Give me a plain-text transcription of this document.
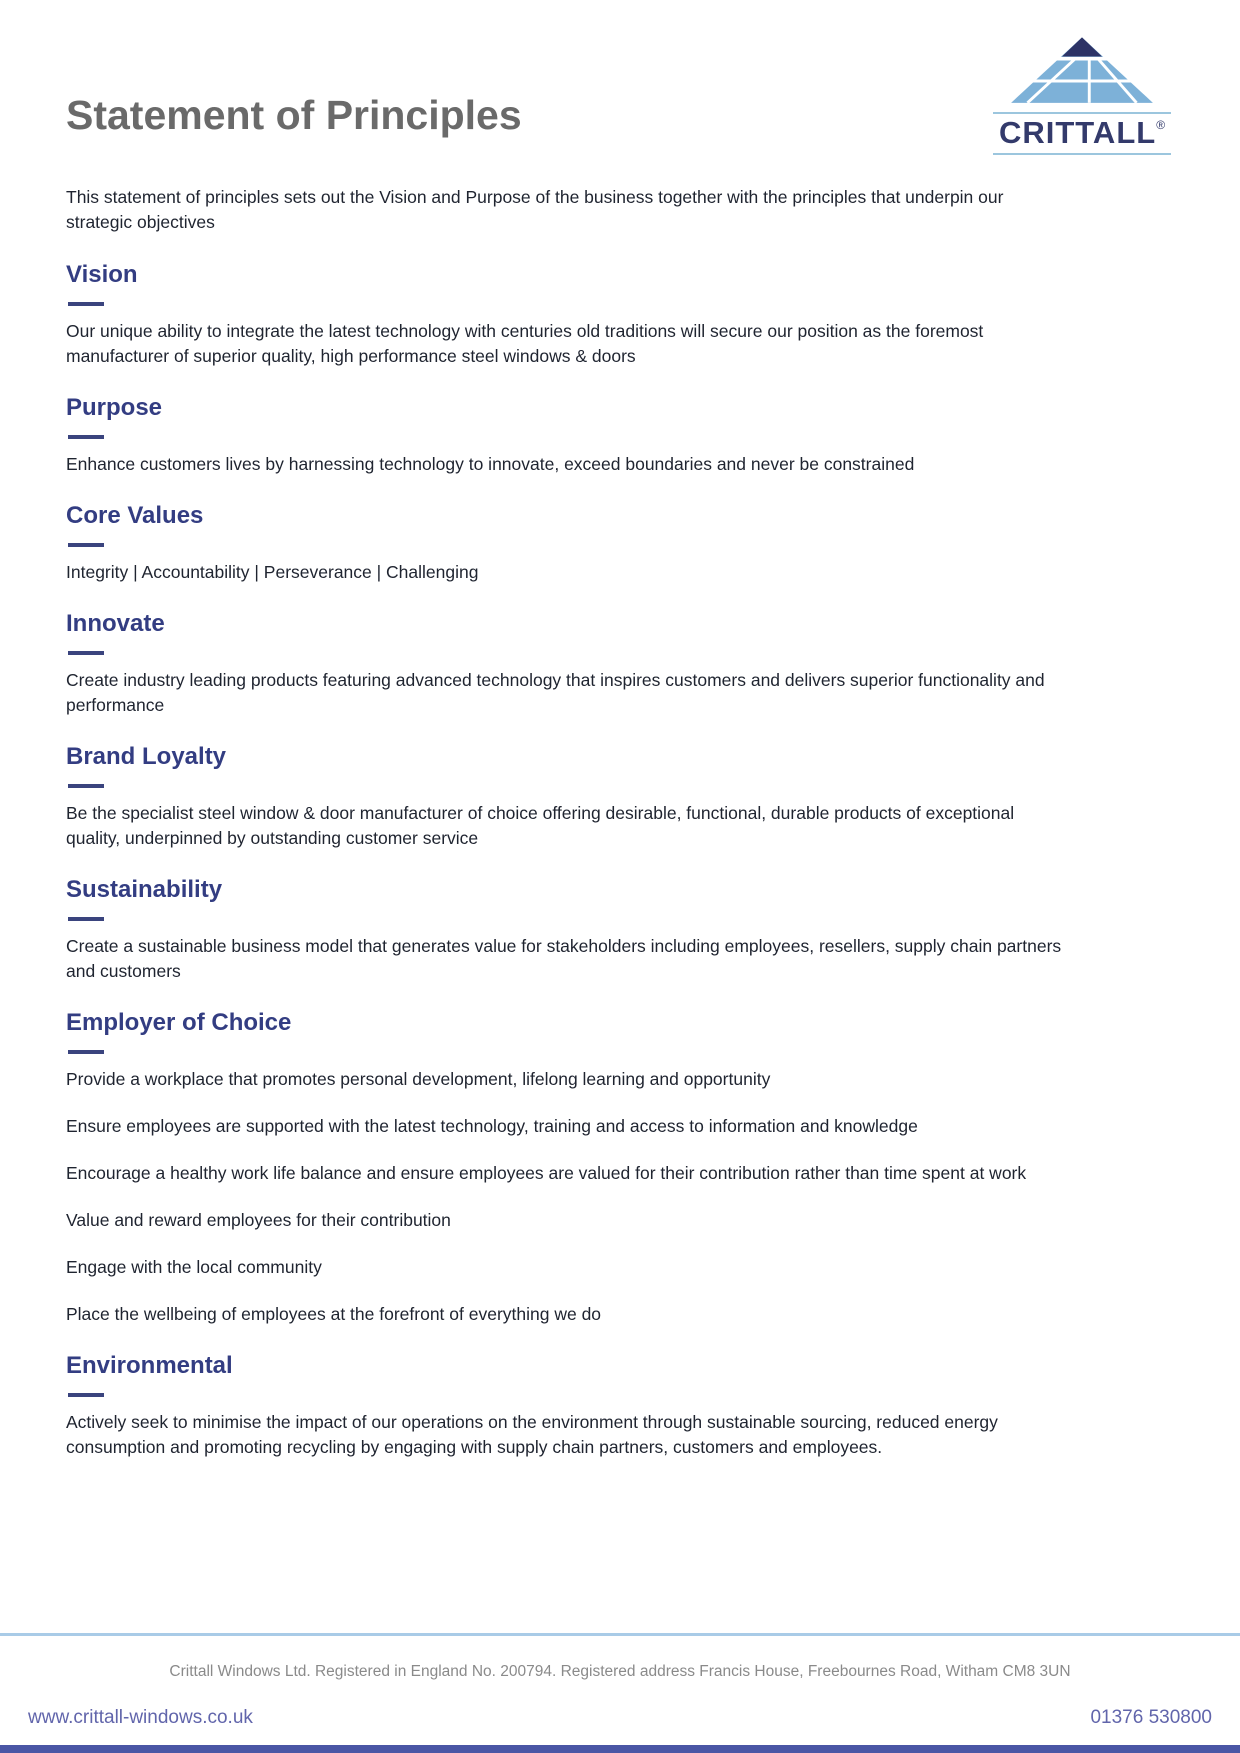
Statement of Principles	CRITTALL®

This statement of principles sets out the Vision and Purpose of the business together with the principles that underpin our strategic objectives

Vision

Our unique ability to integrate the latest technology with centuries old traditions will secure our position as the foremost manufacturer of superior quality, high performance steel windows & doors

Purpose

Enhance customers lives by harnessing technology to innovate, exceed boundaries and never be constrained

Core Values

Integrity | Accountability | Perseverance | Challenging

Innovate

Create industry leading products featuring advanced technology that inspires customers and delivers superior functionality and performance

Brand Loyalty

Be the specialist steel window & door manufacturer of choice offering desirable, functional, durable products of exceptional quality, underpinned by outstanding customer service

Sustainability

Create a sustainable business model that generates value for stakeholders including employees, resellers, supply chain partners and customers

Employer of Choice

Provide a workplace that promotes personal development, lifelong learning and opportunity

Ensure employees are supported with the latest technology, training and access to information and knowledge

Encourage a healthy work life balance and ensure employees are valued for their contribution rather than time spent at work

Value and reward employees for their contribution

Engage with the local community

Place the wellbeing of employees at the forefront of everything we do

Environmental

Actively seek to minimise the impact of our operations on the environment through sustainable sourcing, reduced energy consumption and promoting recycling by engaging with supply chain partners, customers and employees.

Crittall Windows Ltd. Registered in England No. 200794. Registered address Francis House, Freebournes Road, Witham CM8 3UN
www.crittall-windows.co.uk	01376 530800
